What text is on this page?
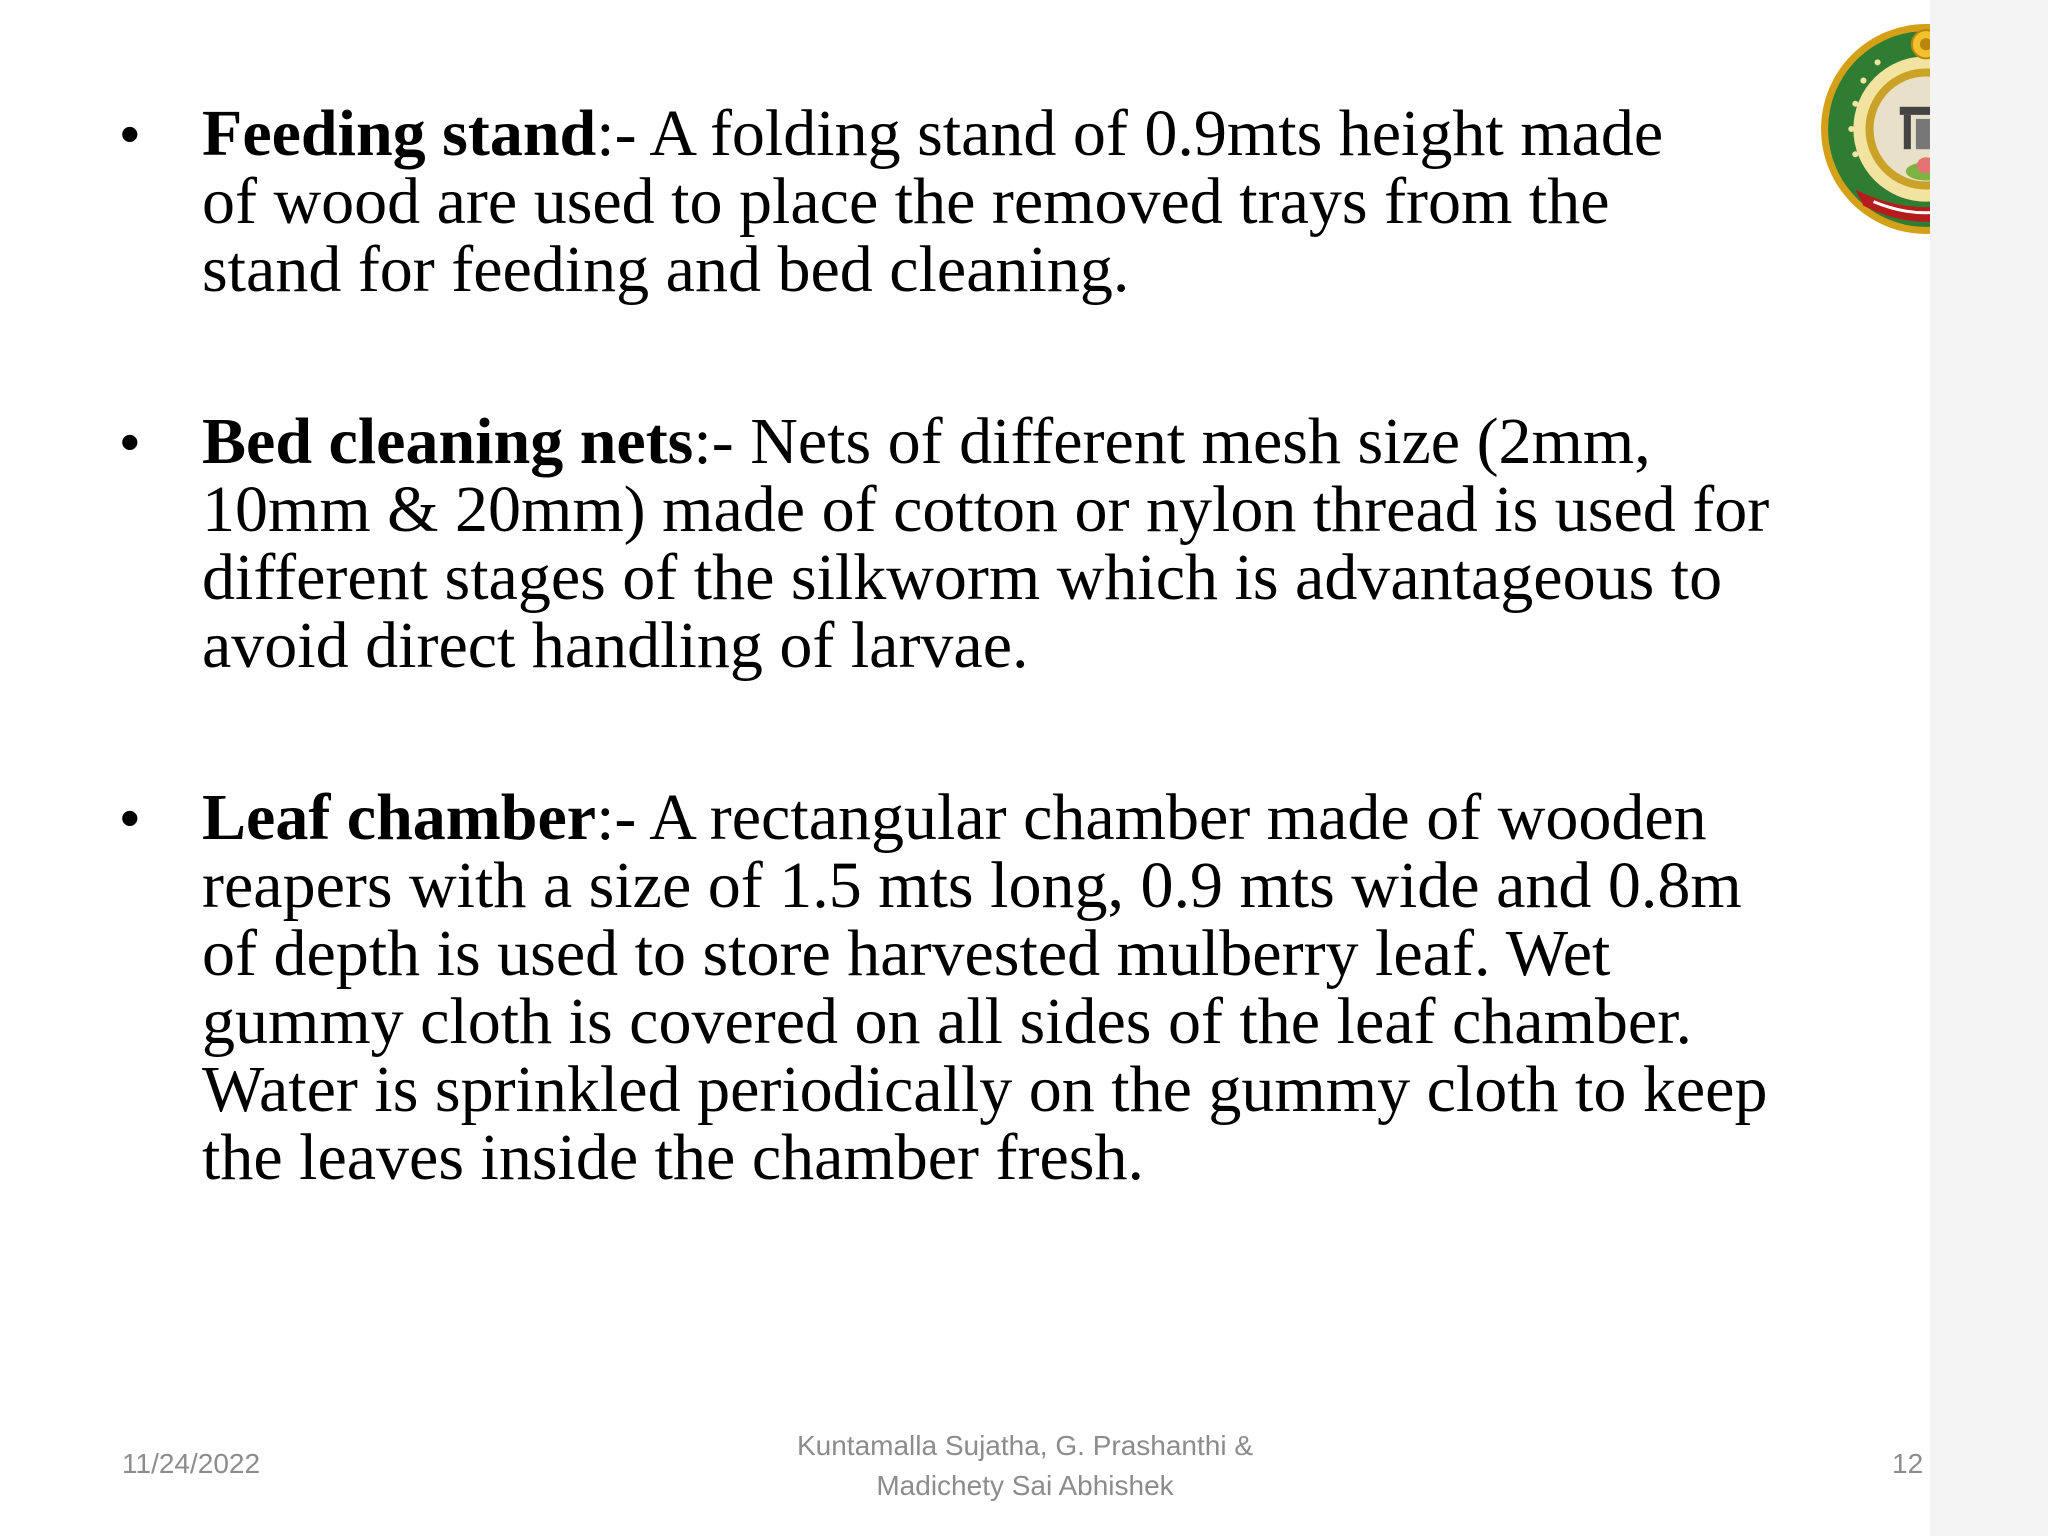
• Feeding stand:- A folding stand of 0.9mts height made
of wood are used to place the removed trays from the
stand for feeding and bed cleaning.
• Bed cleaning nets:- Nets of different mesh size (2mm,
10mm & 20mm) made of cotton or nylon thread is used for
different stages of the silkworm which is advantageous to
avoid direct handling of larvae.
• Leaf chamber:- A rectangular chamber made of wooden
reapers with a size of 1.5 mts long, 0.9 mts wide and 0.8m
of depth is used to store harvested mulberry leaf. Wet
gummy cloth is covered on all sides of the leaf chamber.
Water is sprinkled periodically on the gummy cloth to keep
the leaves inside the chamber fresh.
11/24/2022
Kuntamalla Sujatha, G. Prashanthi &
Madichety Sai Abhishek
12
